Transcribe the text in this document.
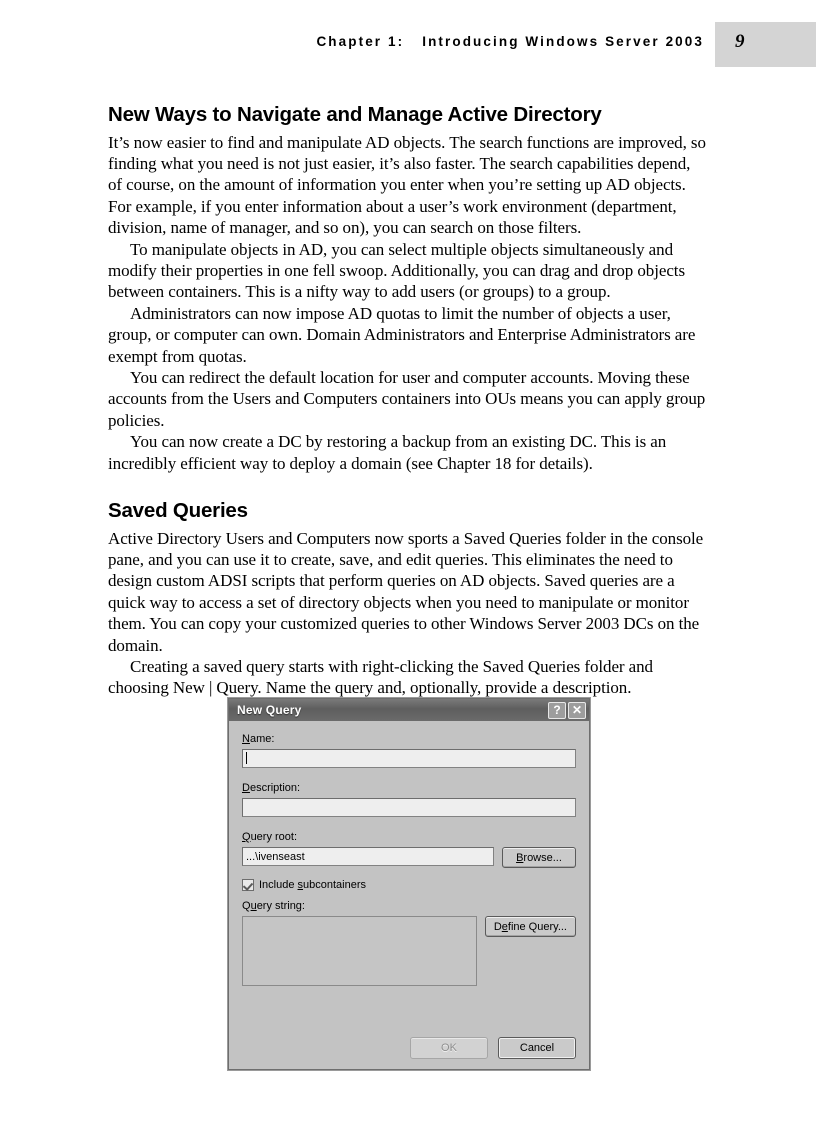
Chapter 1: Introducing Windows Server 2003 9
New Ways to Navigate and Manage Active Directory

It’s now easier to find and manipulate AD objects. The search functions are improved, so finding what you need is not just easier, it’s also faster. The search capabilities depend, of course, on the amount of information you enter when you’re setting up AD objects. For example, if you enter information about a user’s work environment (department, division, name of manager, and so on), you can search on those filters.

To manipulate objects in AD, you can select multiple objects simultaneously and modify their properties in one fell swoop. Additionally, you can drag and drop objects between containers. This is a nifty way to add users (or groups) to a group.

Administrators can now impose AD quotas to limit the number of objects a user, group, or computer can own. Domain Administrators and Enterprise Administrators are exempt from quotas.

You can redirect the default location for user and computer accounts. Moving these accounts from the Users and Computers containers into OUs means you can apply group policies.

You can now create a DC by restoring a backup from an existing DC. This is an incredibly efficient way to deploy a domain (see Chapter 18 for details).

Saved Queries

Active Directory Users and Computers now sports a Saved Queries folder in the console pane, and you can use it to create, save, and edit queries. This eliminates the need to design custom ADSI scripts that perform queries on AD objects. Saved queries are a quick way to access a set of directory objects when you need to manipulate or monitor them. You can copy your customized queries to other Windows Server 2003 DCs on the domain.

Creating a saved query starts with right-clicking the Saved Queries folder and choosing New | Query. Name the query and, optionally, provide a description.

New Query	? ✕
Name:
Description:
Query root:
...\ivenseast	Browse...
Include subcontainers
Query string:
Define Query...
OK	Cancel
